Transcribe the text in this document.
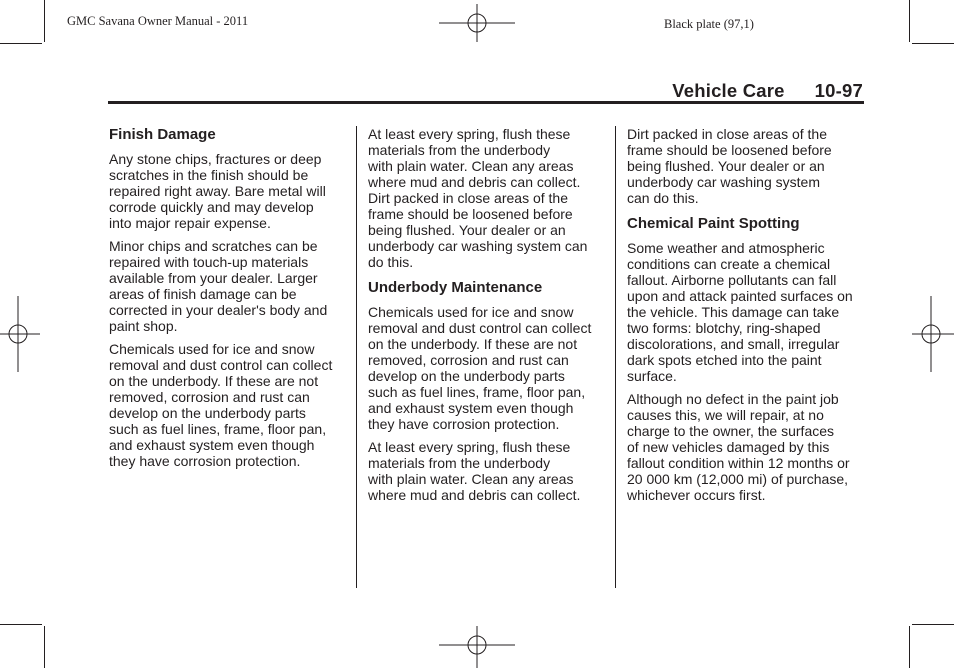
GMC Savana Owner Manual - 2011	Black plate (97,1)
Vehicle Care 10-97
Finish Damage

Any stone chips, fractures or deep
scratches in the finish should be
repaired right away. Bare metal will
corrode quickly and may develop
into major repair expense.

Minor chips and scratches can be
repaired with touch-up materials
available from your dealer. Larger
areas of finish damage can be
corrected in your dealer's body and
paint shop.

Chemicals used for ice and snow
removal and dust control can collect
on the underbody. If these are not
removed, corrosion and rust can
develop on the underbody parts
such as fuel lines, frame, floor pan,
and exhaust system even though
they have corrosion protection.

At least every spring, flush these
materials from the underbody
with plain water. Clean any areas
where mud and debris can collect.
Dirt packed in close areas of the
frame should be loosened before
being flushed. Your dealer or an
underbody car washing system can
do this.

Underbody Maintenance

Chemicals used for ice and snow
removal and dust control can collect
on the underbody. If these are not
removed, corrosion and rust can
develop on the underbody parts
such as fuel lines, frame, floor pan,
and exhaust system even though
they have corrosion protection.

At least every spring, flush these
materials from the underbody
with plain water. Clean any areas
where mud and debris can collect.

Dirt packed in close areas of the
frame should be loosened before
being flushed. Your dealer or an
underbody car washing system
can do this.

Chemical Paint Spotting

Some weather and atmospheric
conditions can create a chemical
fallout. Airborne pollutants can fall
upon and attack painted surfaces on
the vehicle. This damage can take
two forms: blotchy, ring-shaped
discolorations, and small, irregular
dark spots etched into the paint
surface.

Although no defect in the paint job
causes this, we will repair, at no
charge to the owner, the surfaces
of new vehicles damaged by this
fallout condition within 12 months or
20 000 km (12,000 mi) of purchase,
whichever occurs first.
